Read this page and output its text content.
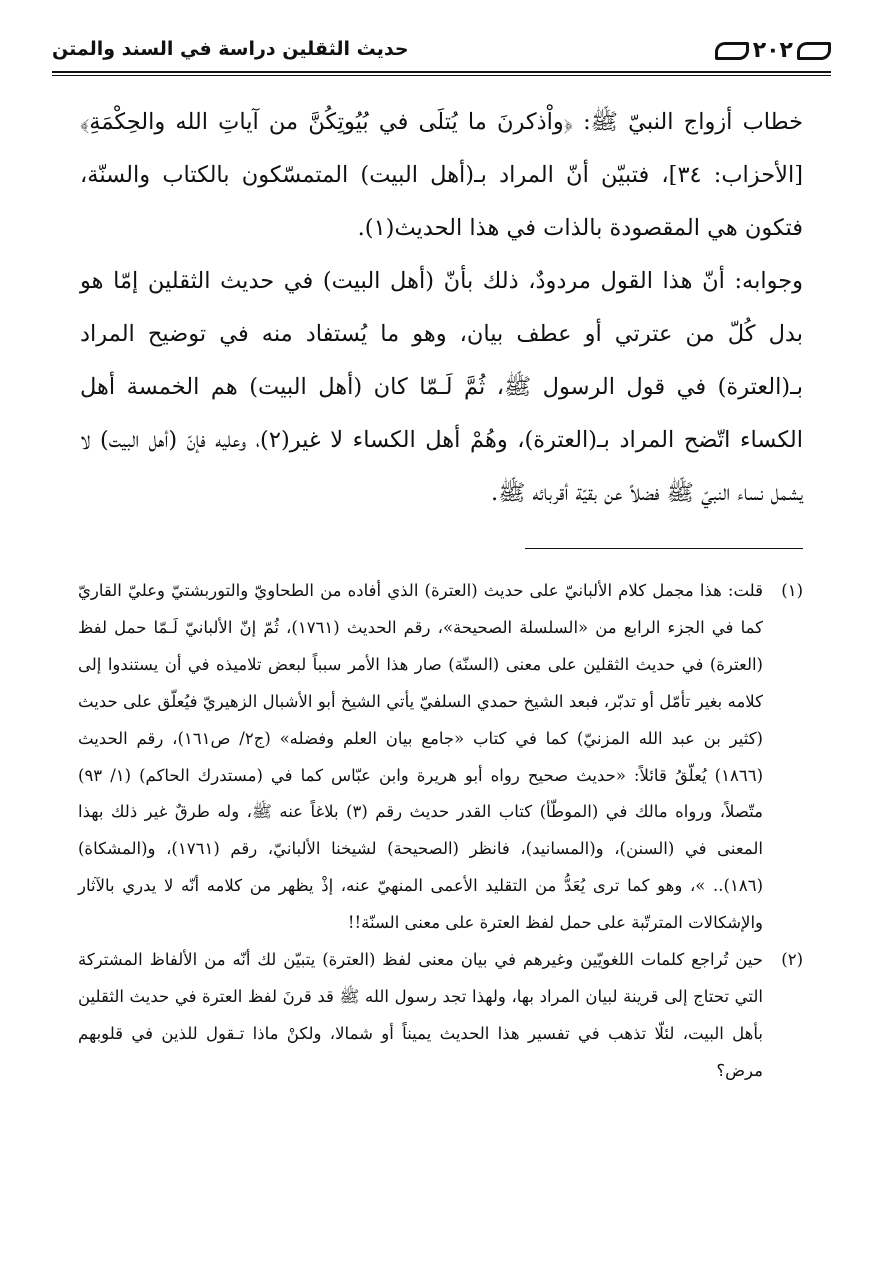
٢٠٢
حديث الثقلين دراسة في السند والمتن

خطاب أزواج النبيّ ﷺ: ﴿واْذكرنَ ما يُتلَى في بُيُوتِكُنَّ من آياتِ الله والحِكْمَةِ﴾ [الأحزاب: ٣٤]، فتبيّن أنّ المراد بـ(أهل البيت) المتمسّكون بالكتاب والسنّة، فتكون هي المقصودة بالذات في هذا الحديث(١).

وجوابه: أنّ هذا القول مردودٌ، ذلك بأنّ (أهل البيت) في حديث الثقلين إمّا هو بدل كُلّ من عترتي أو عطف بيان، وهو ما يُستفاد منه في توضيح المراد بـ(العترة) في قول الرسول ﷺ، ثُمَّ لَـمّا كان (أهل البيت) هم الخمسة أهل الكساء اتّضح المراد بـ(العترة)، وهُمْ أهل الكساء لا غير(٢)، وعليه فإنّ (أهل البيت) لا يشمل نساء النبيّ ﷺ فضلاً عن بقيّة أقربائه ﷺ.

(١)
قلت: هذا مجمل كلام الألبانيّ على حديث (العترة) الذي أفاده من الطحاويّ والتوربشتيّ وعليّ القاريّ كما في الجزء الرابع من «السلسلة الصحيحة»، رقم الحديث (١٧٦١)، ثُمّ إنّ الألبانيّ لَـمّا حمل لفظ (العترة) في حديث الثقلين على معنى (السنّة) صار هذا الأمر سبباً لبعض تلاميذه في أن يستندوا إلى كلامه بغير تأمّل أو تدبّر، فبعد الشيخ حمدي السلفيّ يأتي الشيخ أبو الأشبال الزهيريّ فيُعلّق على حديث (كثير بن عبد الله المزنيّ) كما في كتاب «جامع بيان العلم وفضله» (ج٢/ ص١٦١)، رقم الحديث (١٨٦٦) يُعلّقُ قائلاً: «حديث صحيح رواه أبو هريرة وابن عبّاس كما في (مستدرك الحاكم) (١/ ٩٣) متّصلاً، ورواه مالك في (الموطّأ) كتاب القدر حديث رقم (٣) بلاغاً عنه ﷺ، وله طرقٌ غير ذلك بهذا المعنى في (السنن)، و(المسانيد)، فانظر (الصحيحة) لشيخنا الألبانيّ، رقم (١٧٦١)، و(المشكاة) (١٨٦).. »، وهو كما ترى يُعَدُّ من التقليد الأعمى المنهيّ عنه، إذْ يظهر من كلامه أنّه لا يدري بالآثار والإشكالات المترتّبة على حمل لفظ العترة على معنى السنّة!!
(٢)
حين تُراجع كلمات اللغويّين وغيرهم في بيان معنى لفظ (العترة) يتبيّن لك أنّه من الألفاظ المشتركة التي تحتاج إلى قرينة لبيان المراد بها، ولهذا تجد رسول الله ﷺ قد قرنَ لفظ العترة في حديث الثقلين بأهل البيت، لئلّا تذهب في تفسير هذا الحديث يميناً أو شمالا، ولكنْ ماذا تـقول للذين في قلوبهم مرض؟
